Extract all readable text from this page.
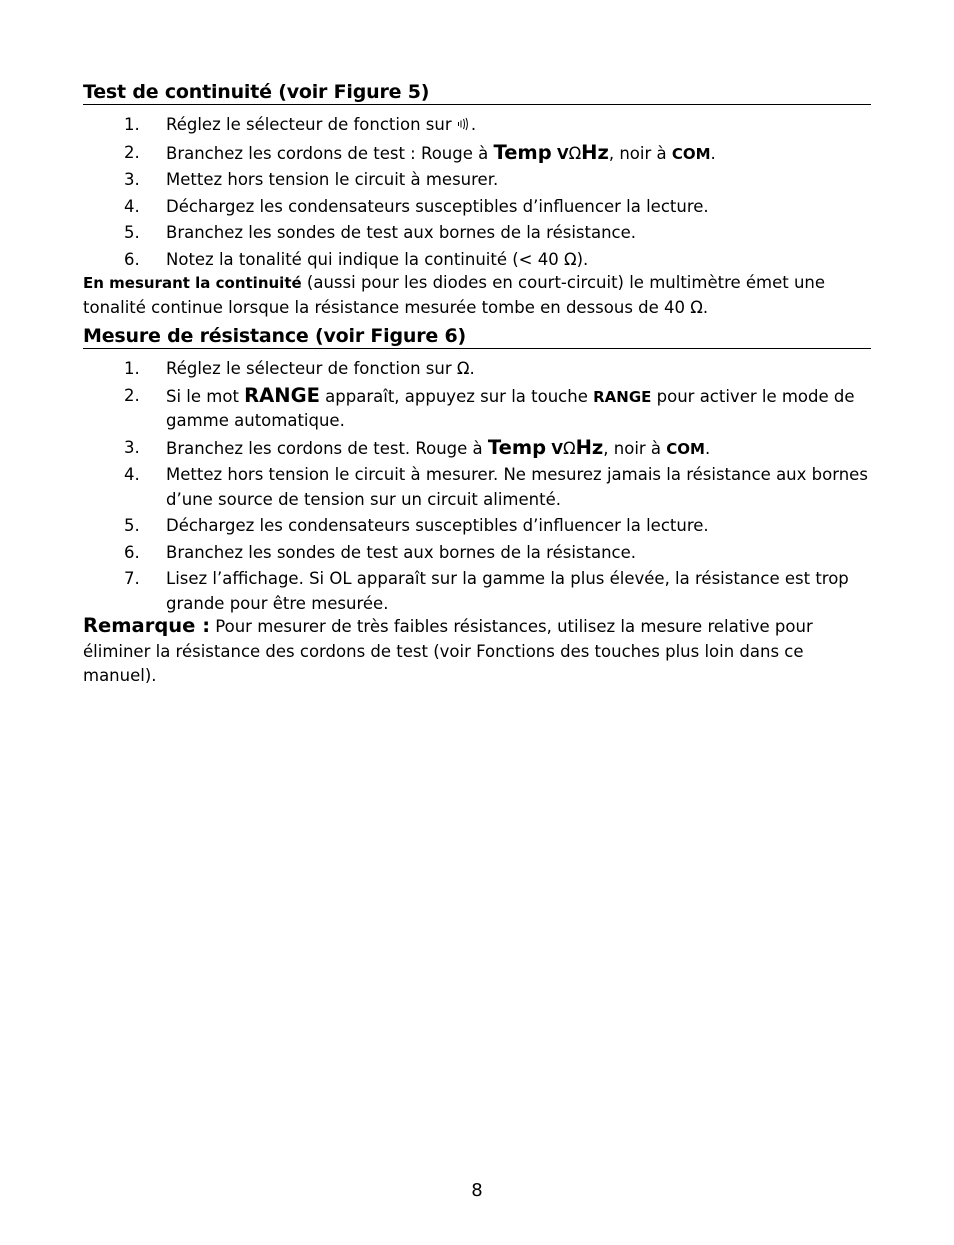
Test de continuité (voir Figure 5)
1. Réglez le sélecteur de fonction sur .
2. Branchez les cordons de test : Rouge à Temp VΩHz, noir à COM.
3. Mettez hors tension le circuit à mesurer.
4. Déchargez les condensateurs susceptibles d’influencer la lecture.
5. Branchez les sondes de test aux bornes de la résistance.
6. Notez la tonalité qui indique la continuité (< 40 Ω).
En mesurant la continuité (aussi pour les diodes en court-circuit) le multimètre émet une tonalité continue lorsque la résistance mesurée tombe en dessous de 40 Ω.
Mesure de résistance (voir Figure 6)
1. Réglez le sélecteur de fonction sur Ω.
2. Si le mot RANGE apparaît, appuyez sur la touche RANGE pour activer le mode de gamme automatique.
3. Branchez les cordons de test. Rouge à Temp VΩHz, noir à COM.
4. Mettez hors tension le circuit à mesurer. Ne mesurez jamais la résistance aux bornes d’une source de tension sur un circuit alimenté.
5. Déchargez les condensateurs susceptibles d’influencer la lecture.
6. Branchez les sondes de test aux bornes de la résistance.
7. Lisez l’affichage. Si OL apparaît sur la gamme la plus élevée, la résistance est trop grande pour être mesurée.
Remarque : Pour mesurer de très faibles résistances, utilisez la mesure relative pour éliminer la résistance des cordons de test (voir Fonctions des touches plus loin dans ce manuel).
8
